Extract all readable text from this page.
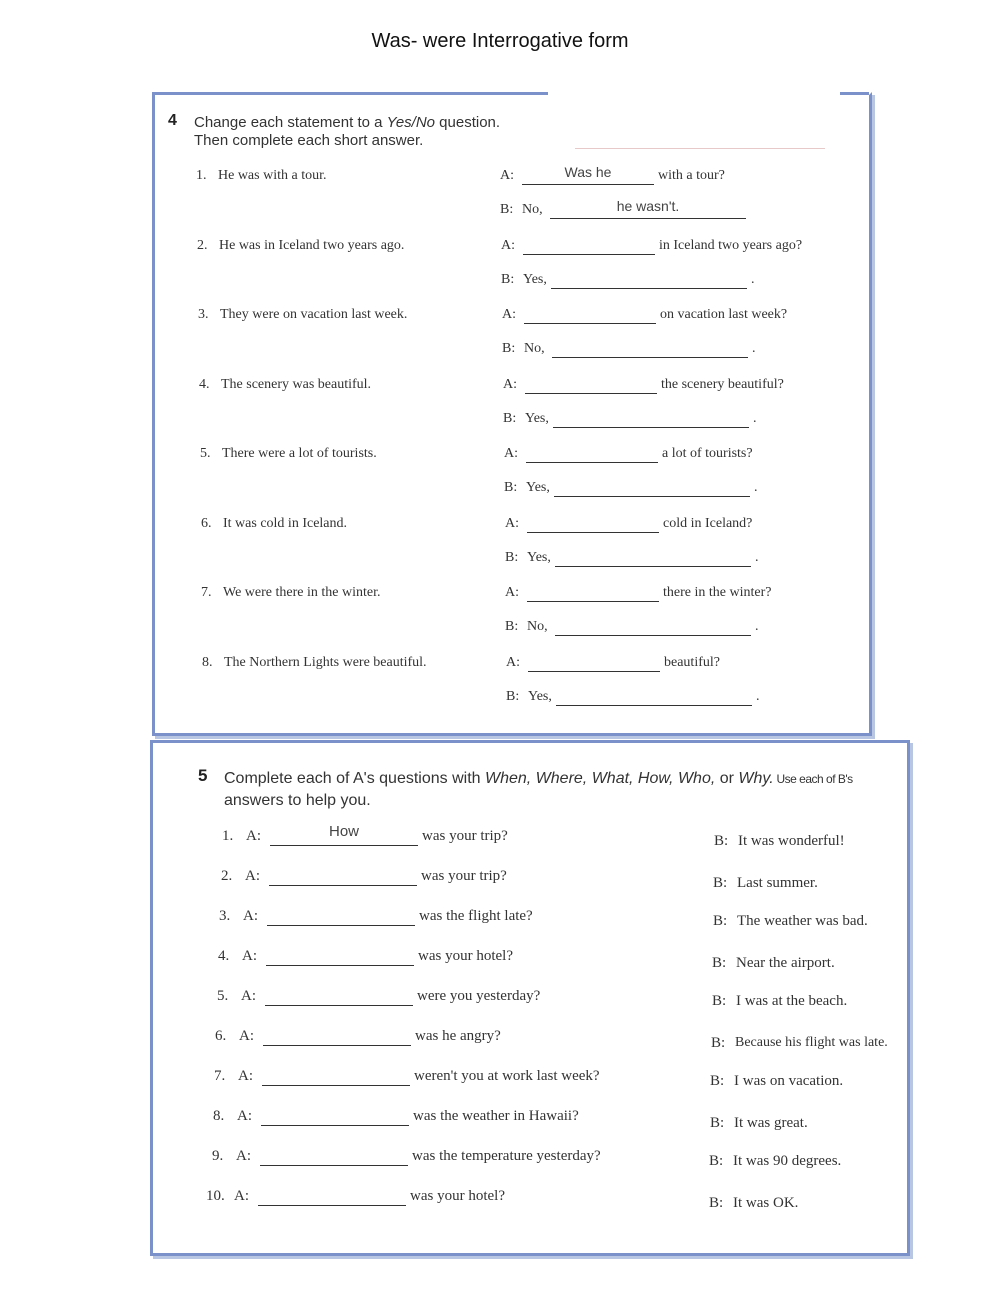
Was- were Interrogative form
4 Change each statement to a Yes/No question.
Then complete each short answer.
1. He was with a tour.	A:	Was he	with a tour?
B: No,	he wasn't.
2. He was in Iceland two years ago.	A:	in Iceland two years ago?
B: Yes,	.
3. They were on vacation last week.	A:	on vacation last week?
B: No,	.
4. The scenery was beautiful.	A:	the scenery beautiful?
B: Yes,	.
5. There were a lot of tourists.	A:	a lot of tourists?
B: Yes,	.
6. It was cold in Iceland.	A:	cold in Iceland?
B: Yes,	.
7. We were there in the winter.	A:	there in the winter?
B: No,	.
8. The Northern Lights were beautiful.	A:	beautiful?
B: Yes,	.
5 Complete each of A's questions with When, Where, What, How, Who, or Why. Use each of B's
answers to help you.
1. A:	How	was your trip?	B: It was wonderful!
2. A:	was your trip?	B: Last summer.
3. A:	was the flight late?	B: The weather was bad.
4. A:	was your hotel?	B: Near the airport.
5. A:	were you yesterday?	B: I was at the beach.
6. A:	was he angry?	B: Because his flight was late.
7. A:	weren't you at work last week?	B: I was on vacation.
8. A:	was the weather in Hawaii?	B: It was great.
9. A:	was the temperature yesterday?	B: It was 90 degrees.
10. A:	was your hotel?	B: It was OK.
